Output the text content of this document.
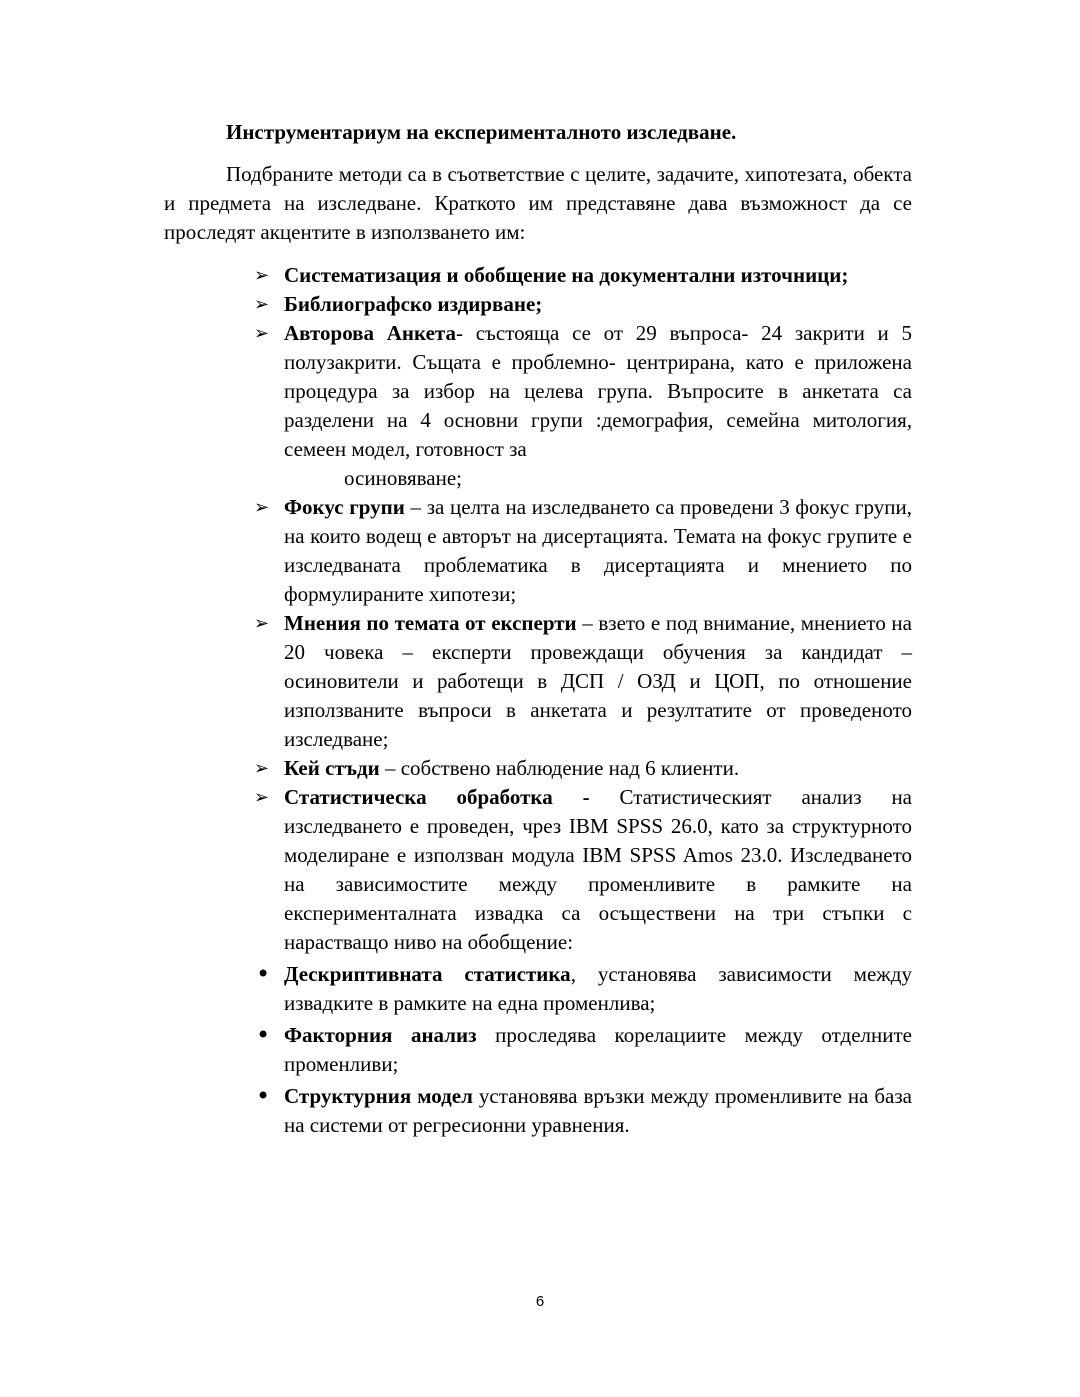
Инструментариум на експерименталното изследване.

Подбраните методи са в съответствие с целите, задачите, хипотезата, обекта и предмета на изследване. Краткото им представяне дава възможност да се проследят акцентите в използването им:

➢ Систематизация и обобщение на документални източници;
➢ Библиографско издирване;
➢ Авторова Анкета- състояща се от 29 въпроса- 24 закрити и 5 полузакрити. Същата е проблемно- центрирана, като е приложена процедура за избор на целева група. Въпросите в анкетата са разделени на 4 основни групи :демография, семейна митология, семеен модел, готовност за
осиновяване;
➢ Фокус групи – за целта на изследването са проведени 3 фокус групи, на които водещ е авторът на дисертацията. Темата на фокус групите е изследваната проблематика в дисертацията и мнението по формулираните хипотези;
➢ Мнения по темата от експерти – взето е под внимание, мнението на 20 човека – експерти провеждащи обучения за кандидат – осиновители и работещи в ДСП / ОЗД и ЦОП, по отношение използваните въпроси в анкетата и резултатите от проведеното изследване;
➢ Кей стъди – собствено наблюдение над 6 клиенти.
➢ Статистическа обработка - Статистическият анализ на изследването е проведен, чрез IBM SPSS 26.0, като за структурното моделиране е използван модула IBM SPSS Amos 23.0. Изследването на зависимостите между променливите в рамките на експерименталната извадка са осъществени на три стъпки с нарастващо ниво на обобщение:
• Дескриптивната статистика, установява зависимости между извадките в рамките на една променлива;
• Факторния анализ проследява корелациите между отделните променливи;
• Структурния модел установява връзки между променливите на база на системи от регресионни уравнения.
6
